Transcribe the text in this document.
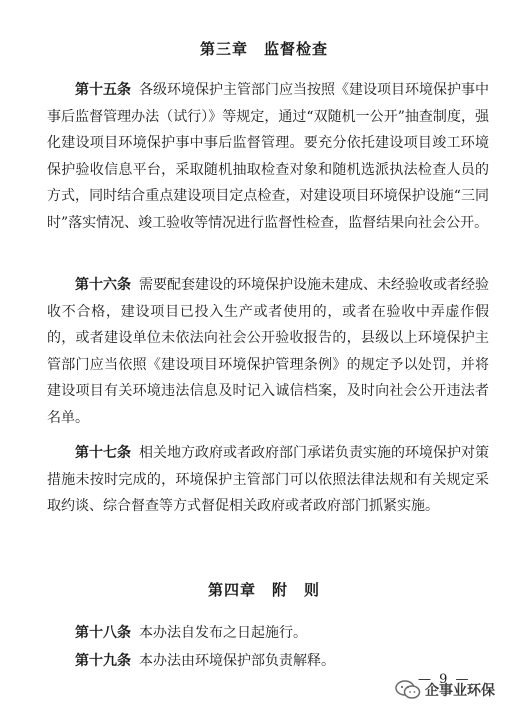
第三章　监督检查

第十五条 各级环境保护主管部门应当按照《建设项目环境保护事中事后监督管理办法（试行）》等规定，通过“双随机一公开”抽查制度，强化建设项目环境保护事中事后监督管理。要充分依托建设项目竣工环境保护验收信息平台，采取随机抽取检查对象和随机选派执法检查人员的方式，同时结合重点建设项目定点检查，对建设项目环境保护设施“三同时”落实情况、竣工验收等情况进行监督性检查，监督结果向社会公开。

第十六条 需要配套建设的环境保护设施未建成、未经验收或者经验收不合格，建设项目已投入生产或者使用的，或者在验收中弄虚作假的，或者建设单位未依法向社会公开验收报告的，县级以上环境保护主管部门应当依照《建设项目环境保护管理条例》的规定予以处罚，并将建设项目有关环境违法信息及时记入诚信档案，及时向社会公开违法者名单。

第十七条 相关地方政府或者政府部门承诺负责实施的环境保护对策措施未按时完成的，环境保护主管部门可以依照法律法规和有关规定采取约谈、综合督查等方式督促相关政府或者政府部门抓紧实施。

第四章　附　则

第十八条 本办法自发布之日起施行。

第十九条 本办法由环境保护部负责解释。

— 9 —
企事业环保
